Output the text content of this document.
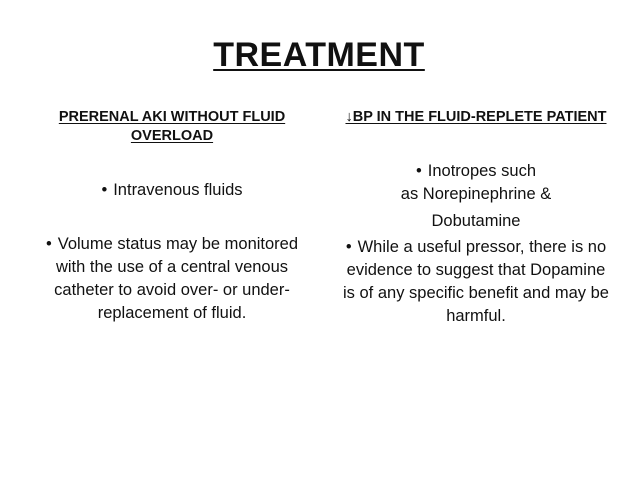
TREATMENT
PRERENAL AKI WITHOUT FLUID OVERLOAD
• Intravenous fluids
• Volume status may be monitored with the use of a central venous catheter to avoid over- or under-replacement of fluid.
↓BP IN THE FLUID-REPLETE PATIENT
• Inotropes such
as Norepinephrine &
Dobutamine
• While a useful pressor, there is no evidence to suggest that Dopamine is of any specific benefit and may be harmful.
